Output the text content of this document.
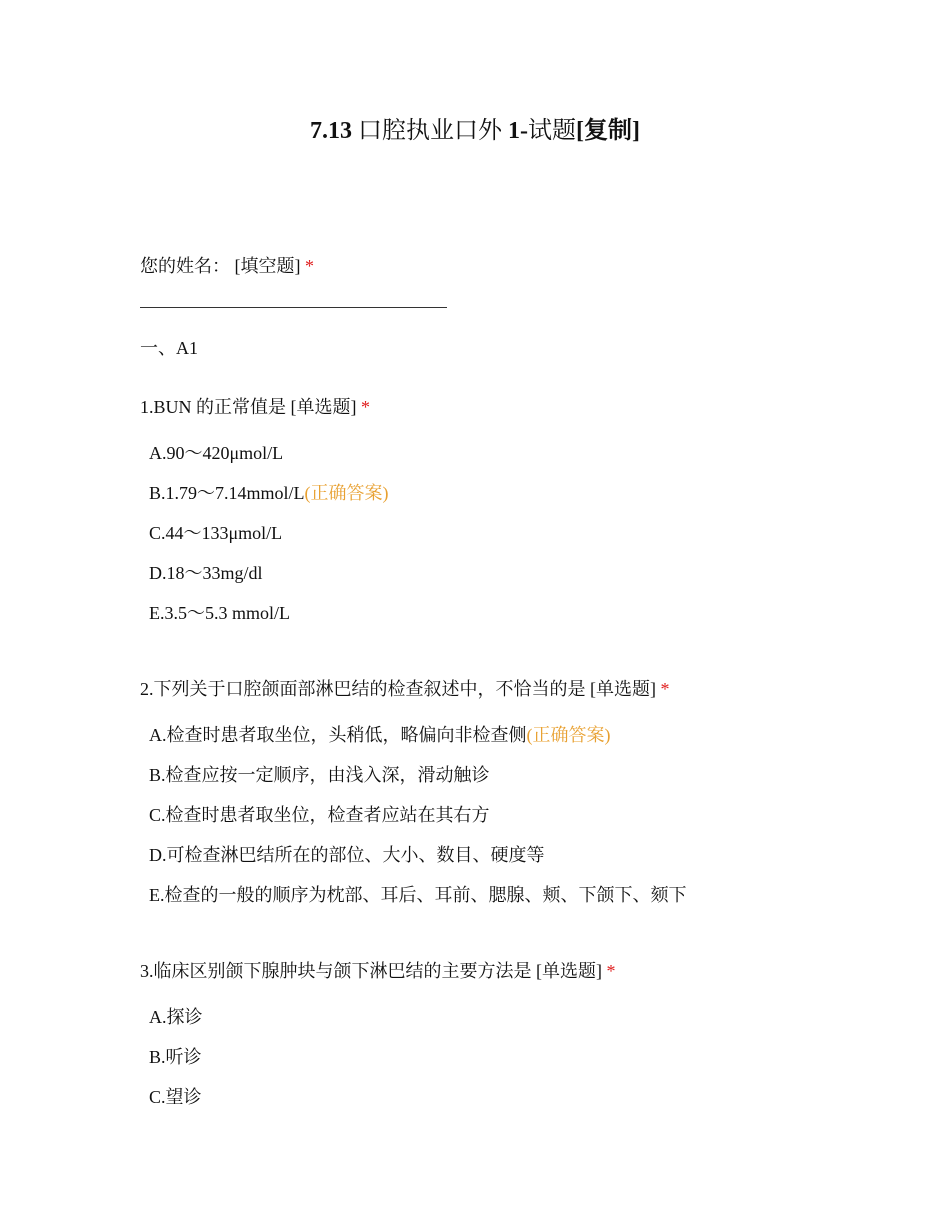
7.13 口腔执业口外 1-试题[复制]
您的姓名： [填空题] *
一、A1
1.BUN 的正常值是 [单选题] *
A.90～420μmol/L
B.1.79～7.14mmol/L(正确答案)
C.44～133μmol/L
D.18～33mg/dl
E.3.5～5.3 mmol/L
2.下列关于口腔颌面部淋巴结的检查叙述中，不恰当的是 [单选题] *
A.检查时患者取坐位，头稍低，略偏向非检查侧(正确答案)
B.检查应按一定顺序，由浅入深，滑动触诊
C.检查时患者取坐位，检查者应站在其右方
D.可检查淋巴结所在的部位、大小、数目、硬度等
E.检查的一般的顺序为枕部、耳后、耳前、腮腺、颊、下颌下、颏下
3.临床区别颌下腺肿块与颌下淋巴结的主要方法是 [单选题] *
A.探诊
B.听诊
C.望诊
